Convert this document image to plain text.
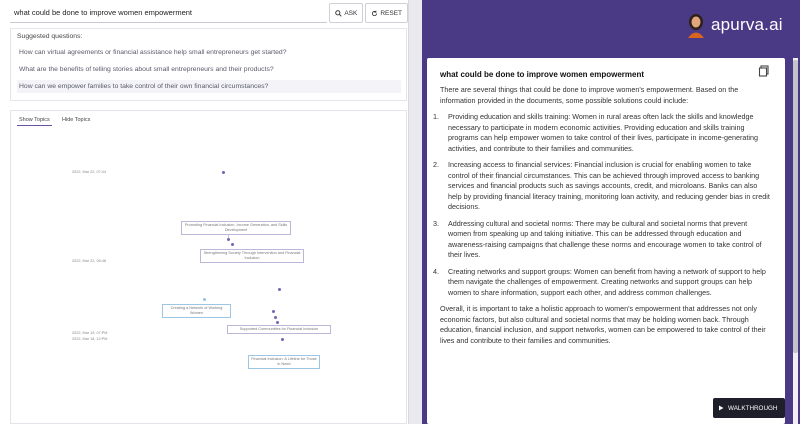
what could be done to improve women empowerment
ASK	RESET
Suggested questions:
How can virtual agreements or financial assistance help small entrepreneurs get started?
What are the benefits of telling stories about small entrepreneurs and their products?
How can we empower families to take control of their own financial circumstances?
Show Topics	Hide Topics
2022, Mar 22, 07:44
2022, Mar 22, 06:48
2022, Mar 19, 07:PM
2022, Mar 18, 12:PM
Promoting Financial Inclusion, Income Generation, and Skills Development
Strengthening Society Through Intervention and Financial Inclusion
Creating a Network of Working Women
Supported Communities for Financial Inclusion
Financial Inclusion: A Lifeline for Those in Need
apurva.ai
what could be done to improve women empowerment

There are several things that could be done to improve women's empowerment. Based on the information provided in the documents, some possible solutions could include:

1. Providing education and skills training: Women in rural areas often lack the skills and knowledge necessary to participate in modern economic activities. Providing education and skills training programs can help empower women to take control of their lives, participate in income-generating activities, and contribute to their families and communities.
2. Increasing access to financial services: Financial inclusion is crucial for enabling women to take control of their financial circumstances. This can be achieved through improved access to banking services and financial products such as savings accounts, credit, and microloans. Banks can also help by providing financial literacy training, monitoring loan activity, and reducing gender bias in credit decisions.
3. Addressing cultural and societal norms: There may be cultural and societal norms that prevent women from speaking up and taking initiative. This can be addressed through education and awareness-raising campaigns that challenge these norms and encourage women to take control of their lives.
4. Creating networks and support groups: Women can benefit from having a network of support to help them navigate the challenges of empowerment. Creating networks and support groups can help women to share information, support each other, and address common challenges.

Overall, it is important to take a holistic approach to women's empowerment that addresses not only economic factors, but also cultural and societal norms that may be holding women back. Through education, financial inclusion, and support networks, women can be empowered to take control of their lives and contribute to their families and communities.

WALKTHROUGH
